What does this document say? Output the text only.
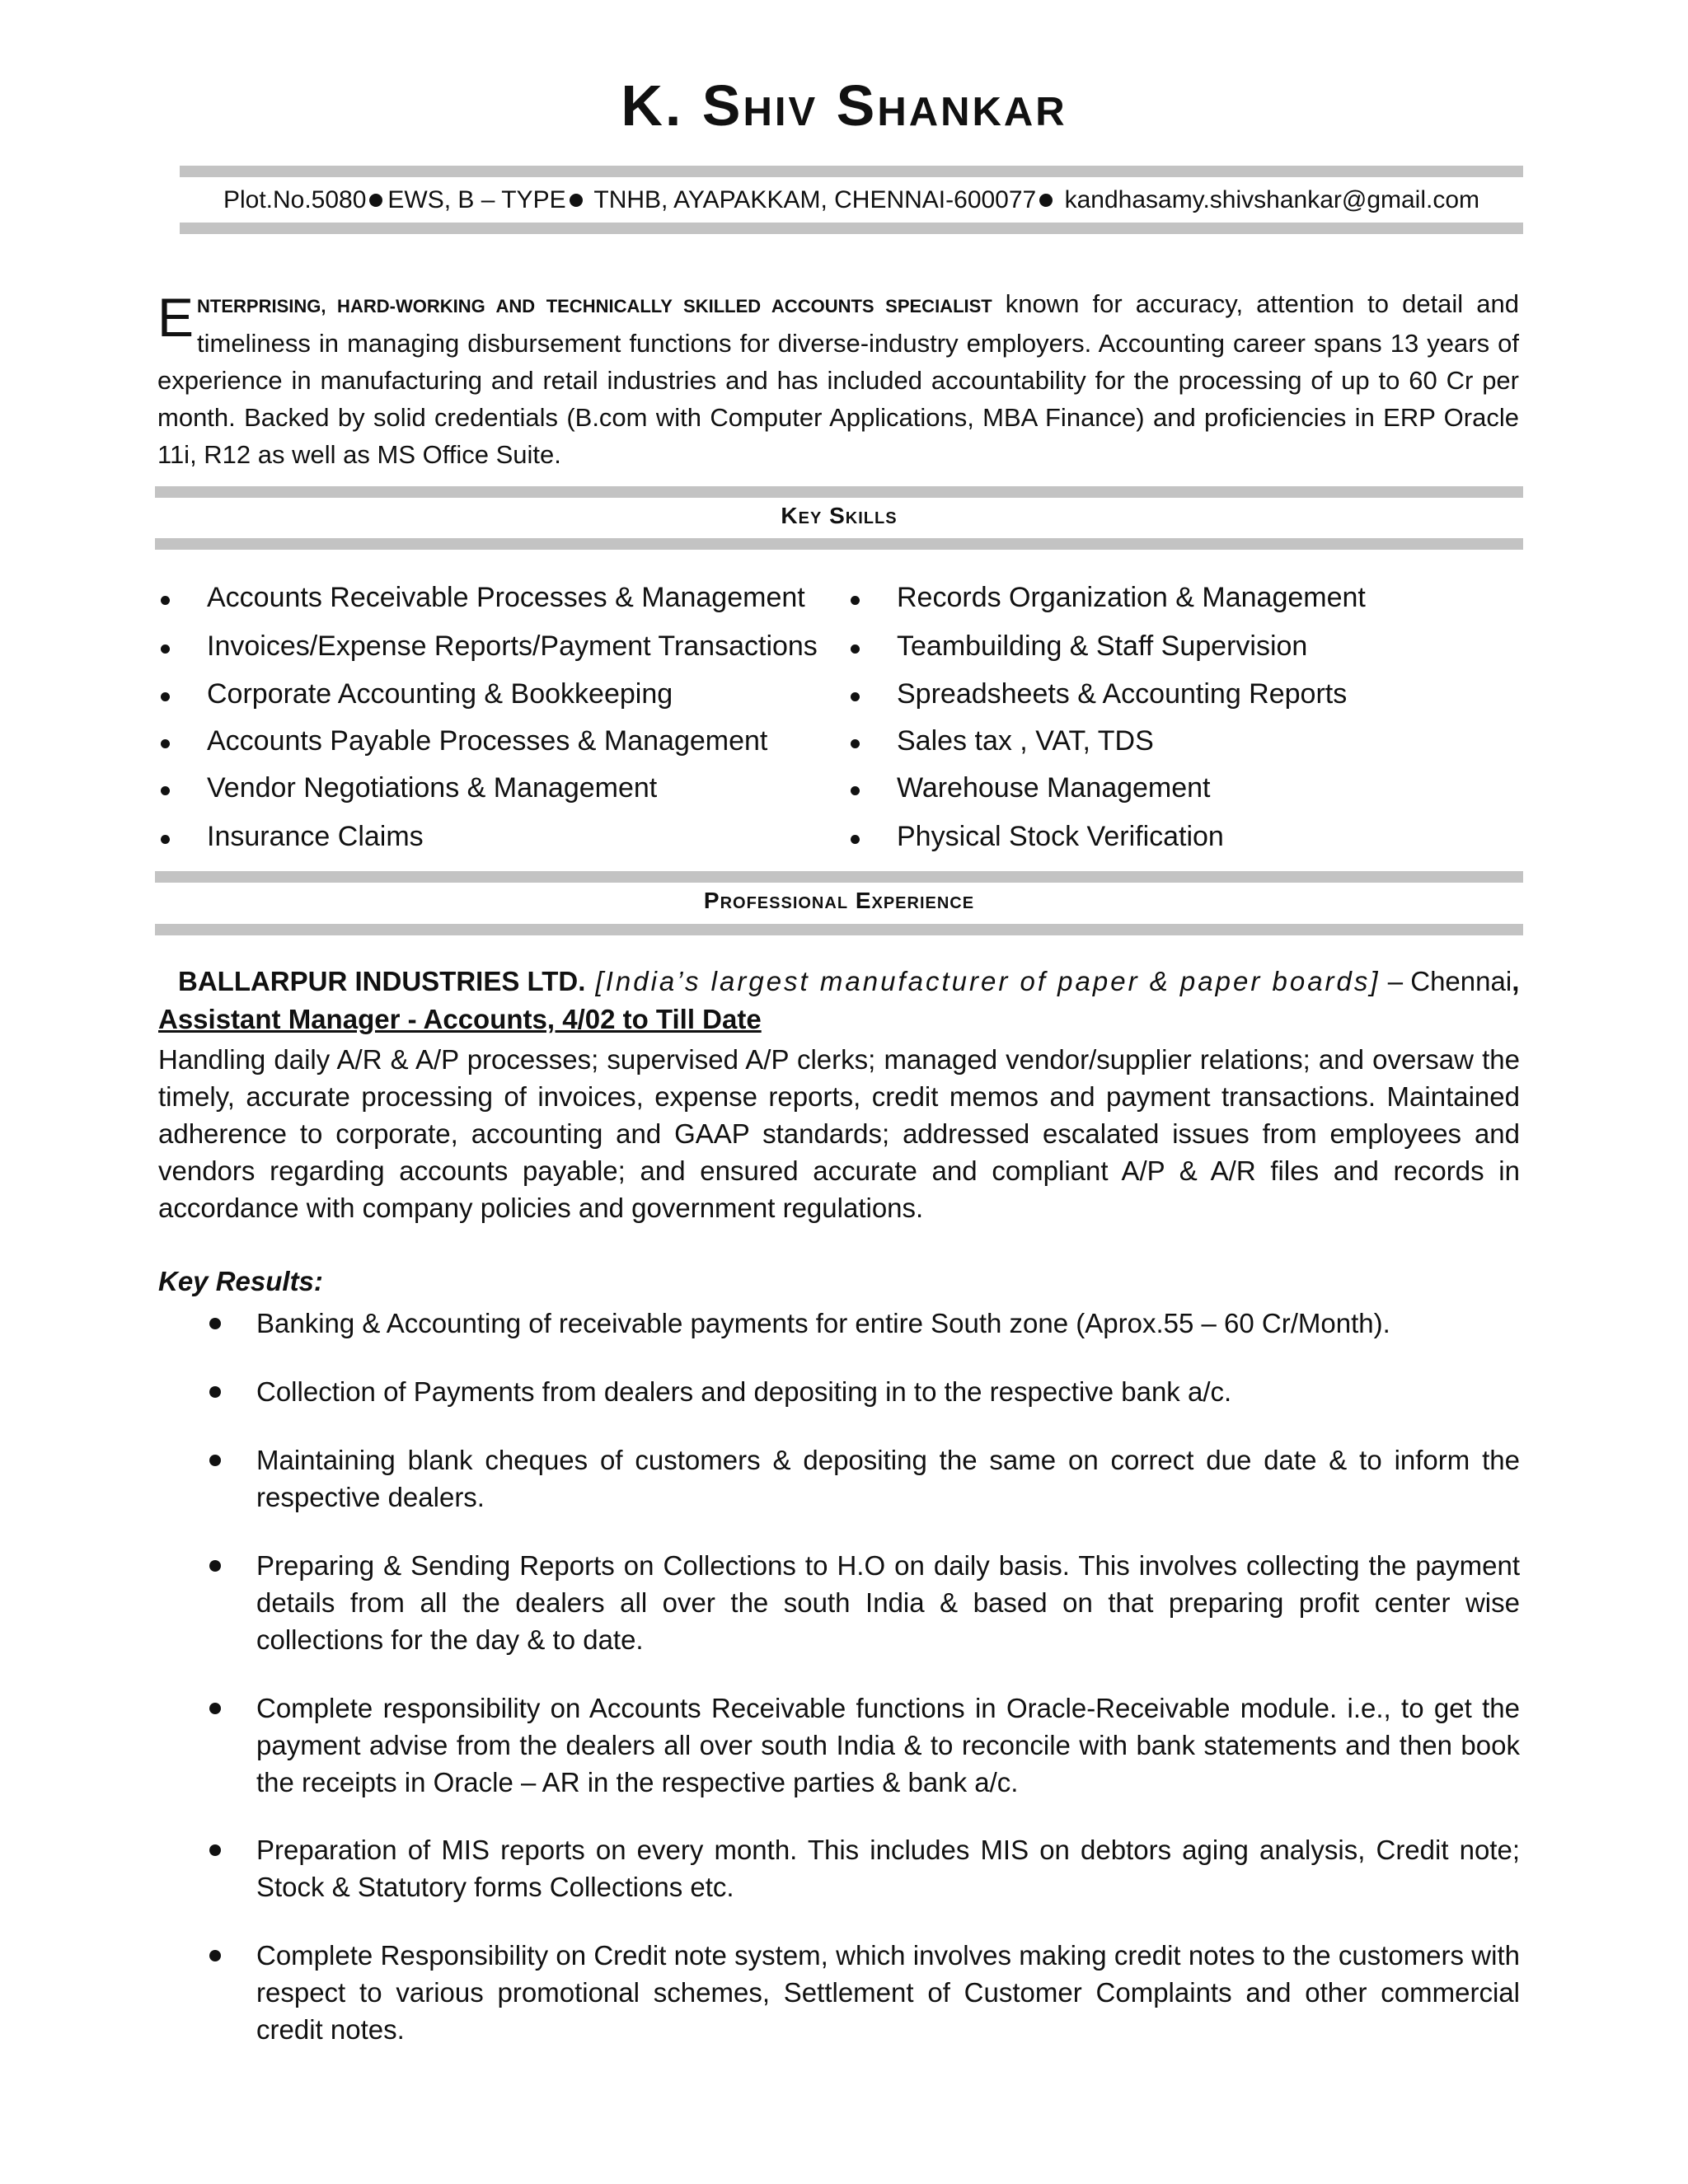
K. Shiv Shankar
Plot.No.5080 EWS, B – TYPE TNHB, AYAPAKKAM, CHENNAI-600077 kandhasamy.shivshankar@gmail.com
ENTERPRISING, HARD-WORKING AND TECHNICALLY SKILLED ACCOUNTS SPECIALIST known for accuracy, attention to detail and timeliness in managing disbursement functions for diverse-industry employers. Accounting career spans 13 years of experience in manufacturing and retail industries and has included accountability for the processing of up to 60 Cr per month. Backed by solid credentials (B.com with Computer Applications, MBA Finance) and proficiencies in ERP Oracle 11i, R12 as well as MS Office Suite.
Key Skills
Accounts Receivable Processes & Management
Invoices/Expense Reports/Payment Transactions
Corporate Accounting & Bookkeeping
Accounts Payable Processes & Management
Vendor Negotiations & Management
Insurance Claims
Records Organization & Management
Teambuilding & Staff Supervision
Spreadsheets & Accounting Reports
Sales tax , VAT, TDS
Warehouse Management
Physical Stock Verification
Professional Experience
BALLARPUR INDUSTRIES LTD. [India’s largest manufacturer of paper & paper boards] – Chennai,
Assistant Manager - Accounts, 4/02 to Till Date
Handling daily A/R & A/P processes; supervised A/P clerks; managed vendor/supplier relations; and oversaw the timely, accurate processing of invoices, expense reports, credit memos and payment transactions. Maintained adherence to corporate, accounting and GAAP standards; addressed escalated issues from employees and vendors regarding accounts payable; and ensured accurate and compliant A/P & A/R files and records in accordance with company policies and government regulations.
Key Results:
Banking & Accounting of receivable payments for entire South zone (Aprox.55 – 60 Cr/Month).
Collection of Payments from dealers and depositing in to the respective bank a/c.
Maintaining blank cheques of customers & depositing the same on correct due date & to inform the respective dealers.
Preparing & Sending Reports on Collections to H.O on daily basis. This involves collecting the payment details from all the dealers all over the south India & based on that preparing profit center wise collections for the day & to date.
Complete responsibility on Accounts Receivable functions in Oracle-Receivable module. i.e., to get the payment advise from the dealers all over south India & to reconcile with bank statements and then book the receipts in Oracle – AR in the respective parties & bank a/c.
Preparation of MIS reports on every month. This includes MIS on debtors aging analysis, Credit note; Stock & Statutory forms Collections etc.
Complete Responsibility on Credit note system, which involves making credit notes to the customers with respect to various promotional schemes, Settlement of Customer Complaints and other commercial credit notes.
